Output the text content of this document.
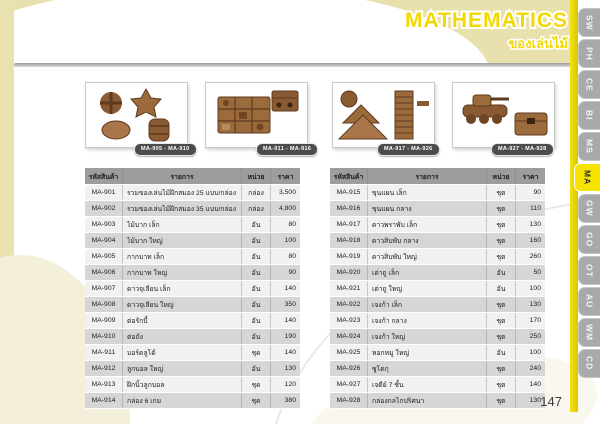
MATHEMATICS
ของเล่นไม้
SW
PH
CE
BI
MS
MA
GW
GO
OT
AU
WM
CD
MA-905 - MA-910	MA-911 - MA-916	MA-917 - MA-926	MA-927 - MA-928
รหัสสินค้า	รายการ	หน่วย	ราคา
MA-901	รวมของเล่นไม้ฝึกสมอง 25 แบบ/กล่อง	กล่อง	3,500
MA-902	รวมของเล่นไม้ฝึกสมอง 35 แบบ/กล่อง	กล่อง	4,800
MA-903	ไม้บาก เล็ก	อัน	80
MA-904	ไม้บาก ใหญ่	อัน	100
MA-905	กากบาท เล็ก	อัน	80
MA-906	กากบาท ใหญ่	อัน	90
MA-907	ดาวจุเลียน เล็ก	อัน	140
MA-908	ดาวจุเลียน ใหญ่	อัน	350
MA-909	ต่อรักบี้	อัน	140
MA-910	ต่อถัง	อัน	190
MA-911	บอร์ดลูโด้	ชุด	140
MA-912	ลูกบอล ใหญ่	อัน	130
MA-913	ฝึกนิ้วลูกบอล	ชุด	120
MA-914	กล่อง 6 เกม	ชุด	380
รหัสสินค้า	รายการ	หน่วย	ราคา
MA-915	ขุนแผน เล็ก	ชุด	90
MA-916	ขุนแผน กลาง	ชุด	110
MA-917	ดาวพราพับ เล็ก	ชุด	130
MA-918	ดาวสิบพับ กลาง	ชุด	160
MA-919	ดาวสิบพับ ใหญ่	ชุด	260
MA-920	เต่าถู เล็ก	อัน	50
MA-921	เต่าถู ใหญ่	อัน	100
MA-922	เจงก้า เล็ก	ชุด	130
MA-923	เจงก้า กลาง	ชุด	170
MA-924	เจงก้า ใหญ่	ชุด	250
MA-925	หอกหมู ใหญ่	อัน	100
MA-926	ซูโดกุ	ชุด	240
MA-927	เจดีย์ 7 ชั้น	ชุด	140
MA-928	กล่องกลไกปริศนา	ชุด	130 147
